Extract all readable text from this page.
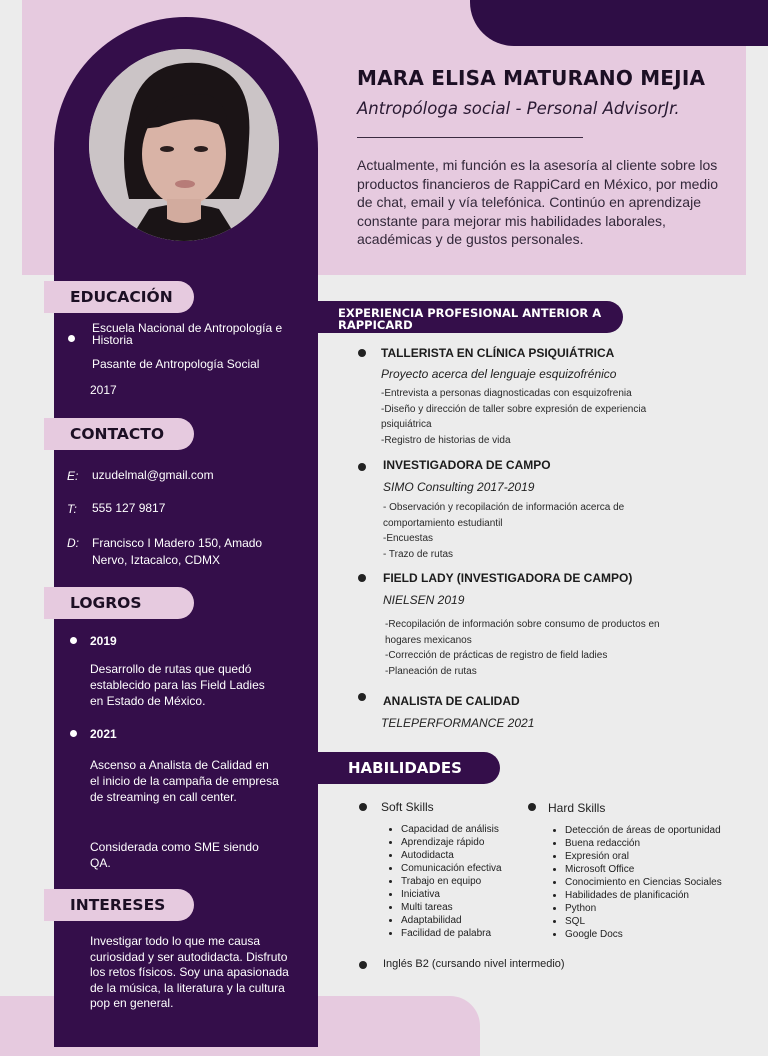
MARA ELISA MATURANO MEJIA
Antropóloga social - Personal AdvisorJr.
Actualmente, mi función es la asesoría al cliente sobre los productos financieros de RappiCard en México, por medio de chat, email y vía telefónica. Continúo en aprendizaje constante para mejorar mis habilidades laborales, académicas y de gustos personales.
EDUCACIÓN
Escuela Nacional de Antropología e Historia
Pasante de Antropología Social
2017
CONTACTO
E: uzudelmal@gmail.com
T: 555 127 9817
D: Francisco I Madero 150, Amado Nervo, Iztacalco, CDMX
LOGROS
2019
Desarrollo de rutas que quedó establecido para las Field Ladies en Estado de México.
2021
Ascenso a Analista de Calidad en el inicio de la campaña de empresa de streaming en call center.
Considerada como SME siendo QA.
INTERESES
Investigar todo lo que me causa curiosidad y ser autodidacta. Disfruto los retos físicos. Soy una apasionada de la música, la literatura y la cultura pop en general.
EXPERIENCIA PROFESIONAL ANTERIOR A RAPPICARD
TALLERISTA EN CLÍNICA PSIQUIÁTRICA
Proyecto acerca del lenguaje esquizofrénico
-Entrevista a personas diagnosticadas con esquizofrenia
-Diseño y dirección de taller sobre expresión de experiencia psiquiátrica
-Registro de historias de vida
INVESTIGADORA DE CAMPO
SIMO Consulting 2017-2019
- Observación y recopilación de información acerca de comportamiento estudiantil
-Encuestas
- Trazo de rutas
FIELD LADY (INVESTIGADORA DE CAMPO)
NIELSEN 2019
-Recopilación de información sobre consumo de productos en hogares mexicanos
-Corrección de prácticas de registro de field ladies
-Planeación de rutas
ANALISTA DE CALIDAD
TELEPERFORMANCE 2021
HABILIDADES
Soft Skills
• Capacidad de análisis
• Aprendizaje rápido
• Autodidacta
• Comunicación efectiva
• Trabajo en equipo
• Iniciativa
• Multi tareas
• Adaptabilidad
• Facilidad de palabra
Hard Skills
• Detección de áreas de oportunidad
• Buena redacción
• Expresión oral
• Microsoft Office
• Conocimiento en Ciencias Sociales
• Habilidades de planificación
• Python
• SQL
• Google Docs
Inglés B2 (cursando nivel intermedio)
